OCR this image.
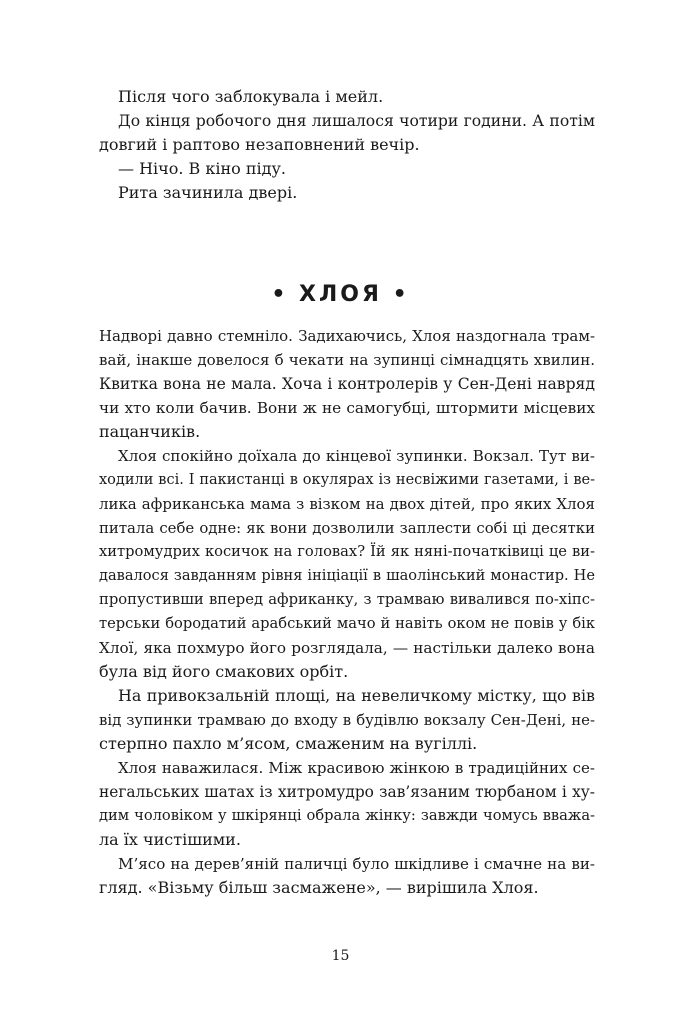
Після чого заблокувала і мейл.
До кінця робочого дня лишалося чотири години. А потім
довгий і раптово незаповнений вечір.
— Нічо. В кіно піду.
Рита зачинила двері.
• ХЛОЯ •
Надворі давно стемніло. Задихаючись, Хлоя наздогнала трам-
вай, інакше довелося б чекати на зупинці сімнадцять хвилин.
Квитка вона не мала. Хоча і контролерів у Сен-Дені навряд
чи хто коли бачив. Вони ж не самогубці, штормити місцевих
пацанчиків.
Хлоя спокійно доїхала до кінцевої зупинки. Вокзал. Тут ви-
ходили всі. І пакистанці в окулярах із несвіжими газетами, і ве-
лика африканська мама з візком на двох дітей, про яких Хлоя
питала себе одне: як вони дозволили заплести собі ці десятки
хитромудрих косичок на головах? Їй як няні-початківиці це ви-
давалося завданням рівня ініціації в шаолінський монастир. Не
пропустивши вперед африканку, з трамваю вивалився по-хіпс-
терськи бородатий арабський мачо й навіть оком не повів у бік
Хлої, яка похмуро його розглядала, — настільки далеко вона
була від його смакових орбіт.
На привокзальній площі, на невеличкому містку, що вів
від зупинки трамваю до входу в будівлю вокзалу Сен-Дені, не-
стерпно пахло м’ясом, смаженим на вугіллі.
Хлоя наважилася. Між красивою жінкою в традиційних се-
негальських шатах із хитромудро зав’язаним тюрбаном і ху-
дим чоловіком у шкірянці обрала жінку: завжди чомусь вважа-
ла їх чистішими.
М’ясо на дерев’яній паличці було шкідливе і смачне на ви-
гляд. «Візьму більш засмажене», — вирішила Хлоя.
15
